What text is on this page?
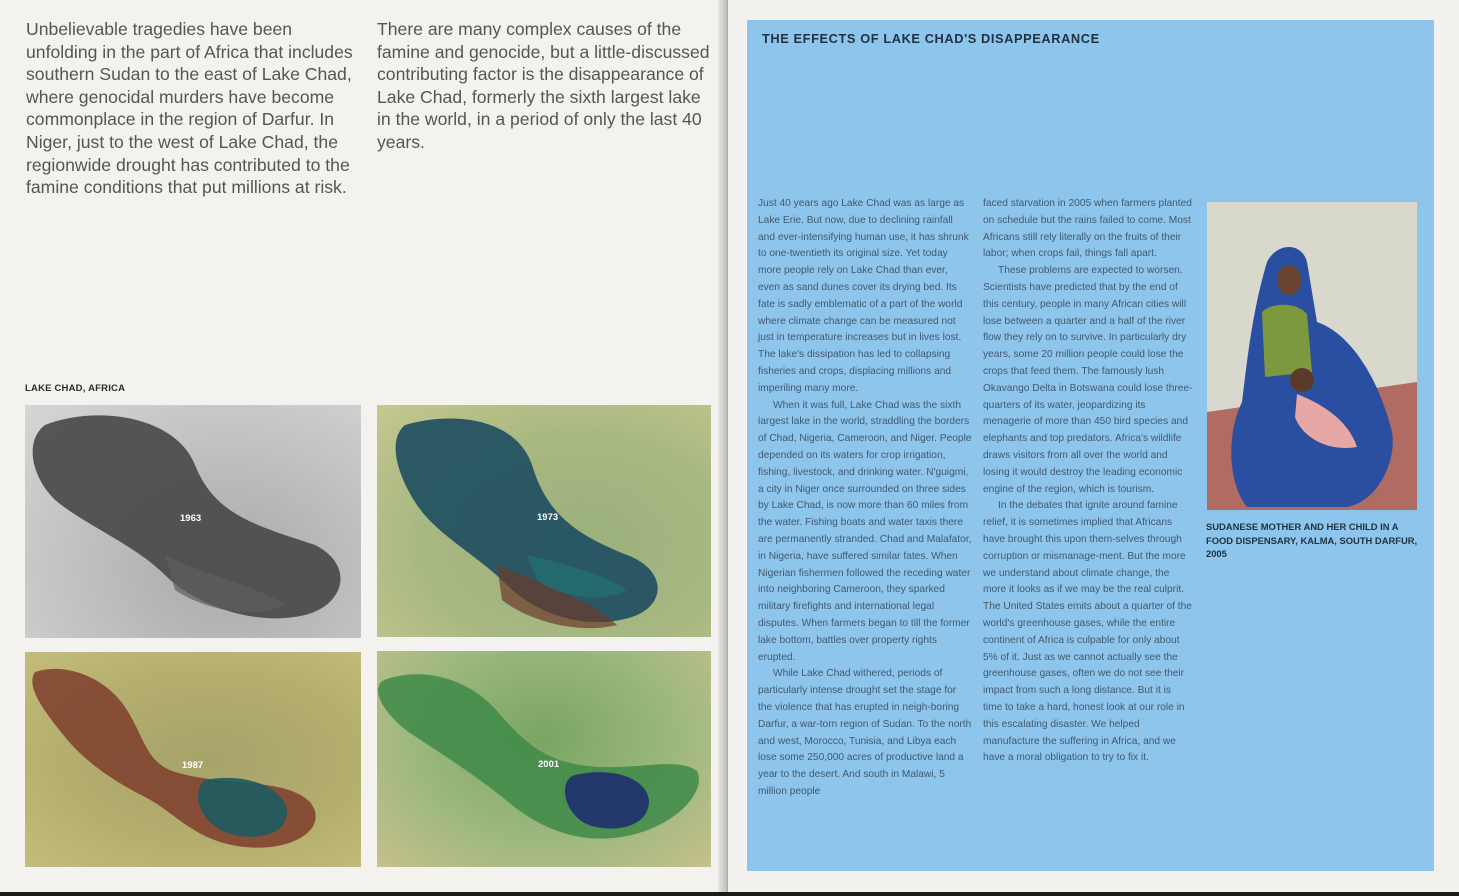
Unbelievable tragedies have been unfolding in the part of Africa that includes southern Sudan to the east of Lake Chad, where genocidal murders have become commonplace in the region of Darfur. In Niger, just to the west of Lake Chad, the regionwide drought has contributed to the famine conditions that put millions at risk.

There are many complex causes of the famine and genocide, but a little-discussed contributing factor is the disappearance of Lake Chad, formerly the sixth largest lake in the world, in a period of only the last 40 years.

LAKE CHAD, AFRICA
1963	1973
1987	2001
THE EFFECTS OF LAKE CHAD'S DISAPPEARANCE

Just 40 years ago Lake Chad was as large as Lake Erie. But now, due to declining rainfall and ever-intensifying human use, it has shrunk to one-twentieth its original size. Yet today more people rely on Lake Chad than ever, even as sand dunes cover its drying bed. Its fate is sadly emblematic of a part of the world where climate change can be measured not just in temperature increases but in lives lost. The lake's dissipation has led to collapsing fisheries and crops, displacing millions and imperiling many more.

When it was full, Lake Chad was the sixth largest lake in the world, straddling the borders of Chad, Nigeria, Cameroon, and Niger. People depended on its waters for crop irrigation, fishing, livestock, and drinking water. N'guigmi, a city in Niger once surrounded on three sides by Lake Chad, is now more than 60 miles from the water. Fishing boats and water taxis there are permanently stranded. Chad and Malafator, in Nigeria, have suffered similar fates. When Nigerian fishermen followed the receding water into neighboring Cameroon, they sparked military firefights and international legal disputes. When farmers began to till the former lake bottom, battles over property rights erupted.

While Lake Chad withered, periods of particularly intense drought set the stage for the violence that has erupted in neigh-boring Darfur, a war-torn region of Sudan. To the north and west, Morocco, Tunisia, and Libya each lose some 250,000 acres of productive land a year to the desert. And south in Malawi, 5 million people

faced starvation in 2005 when farmers planted on schedule but the rains failed to come. Most Africans still rely literally on the fruits of their labor; when crops fail, things fall apart.

These problems are expected to worsen. Scientists have predicted that by the end of this century, people in many African cities will lose between a quarter and a half of the river flow they rely on to survive. In particularly dry years, some 20 million people could lose the crops that feed them. The famously lush Okavango Delta in Botswana could lose three-quarters of its water, jeopardizing its menagerie of more than 450 bird species and elephants and top predators. Africa's wildlife draws visitors from all over the world and losing it would destroy the leading economic engine of the region, which is tourism.

In the debates that ignite around famine relief, it is sometimes implied that Africans have brought this upon them-selves through corruption or mismanage-ment. But the more we understand about climate change, the more it looks as if we may be the real culprit. The United States emits about a quarter of the world's greenhouse gases, while the entire continent of Africa is culpable for only about 5% of it. Just as we cannot actually see the greenhouse gases, often we do not see their impact from such a long distance. But it is time to take a hard, honest look at our role in this escalating disaster. We helped manufacture the suffering in Africa, and we have a moral obligation to try to fix it.

SUDANESE MOTHER AND HER CHILD IN A FOOD DISPENSARY, KALMA, SOUTH DARFUR, 2005
